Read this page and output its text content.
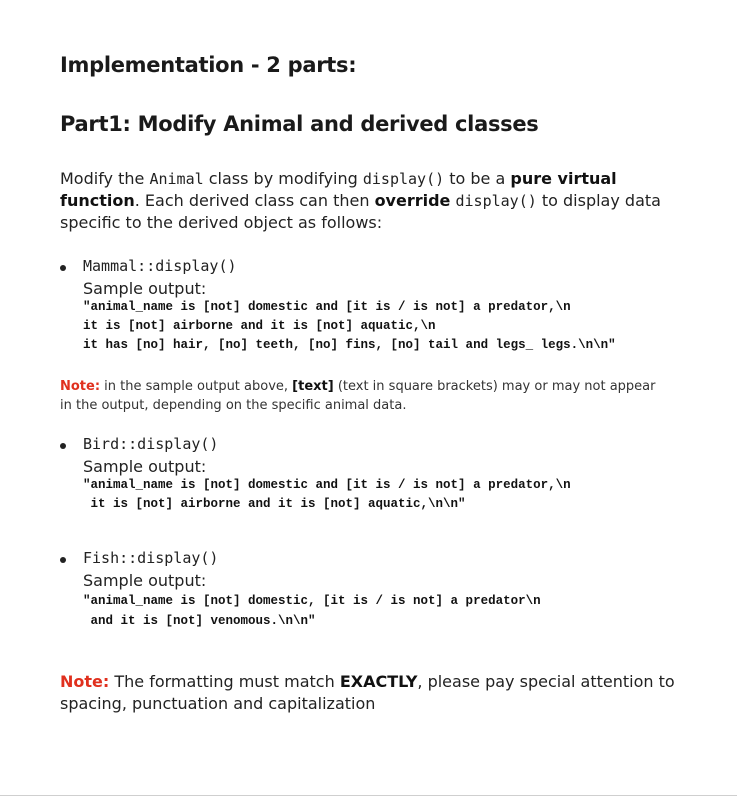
Implementation - 2 parts:
Part1: Modify Animal and derived classes

Modify the Animal class by modifying display() to be a pure virtual function. Each derived class can then override display() to display data specific to the derived object as follows:

Mammal::display()
Sample output:
"animal_name is [not] domestic and [it is / is not] a predator,\n
it is [not] airborne and it is [not] aquatic,\n
it has [no] hair, [no] teeth, [no] fins, [no] tail and legs_ legs.\n\n"

Note: in the sample output above, [text] (text in square brackets) may or may not appear in the output, depending on the specific animal data.

Bird::display()
Sample output:
"animal_name is [not] domestic and [it is / is not] a predator,\n
it is [not] airborne and it is [not] aquatic,\n\n"
Fish::display()
Sample output:
"animal_name is [not] domestic, [it is / is not] a predator\n
and it is [not] venomous.\n\n"

Note: The formatting must match EXACTLY, please pay special attention to spacing, punctuation and capitalization
